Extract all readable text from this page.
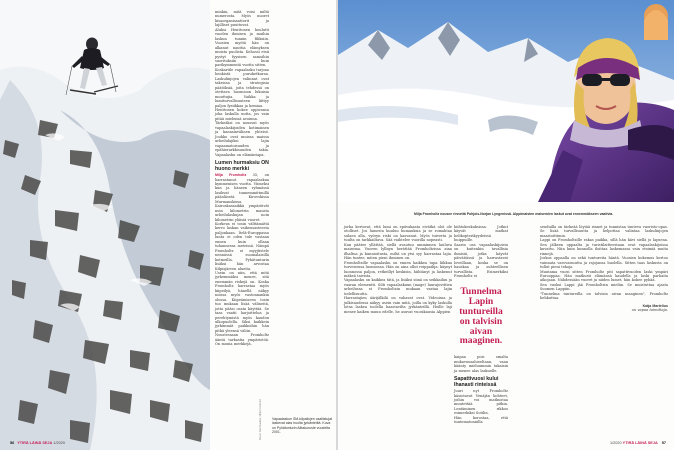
Vapaalaskun SM-kilpailujen osallistujat laskevat alas huolta jyrkänteiltä. Kuva on Pyhätunturin Aittakuruste vuodelta 2001.
Kuvat: Kari Kuukka, Milja Fromholtz

minkin, mitä voisi miltä numerosta. Myös nuoret kisaorganisaattorit ja lajilliset puuttuvat.

Aluksi Henttonen koulutti vuoden ihmisen ja muihin laskun tunnin filiksiin. Vuosien myötä hän on alkanut nauttia elämyksen muista puolista. Kehossi etsii pystyt fyysisen samoihin suorituksiin kuin parikymmentä vuotta sitten.

Koskartile vapaalasku tarjoaa henkistä puruketkuraa. Laskulinjojen valinnat ovat takeissa ja strategisia päätöksiä, joita tehdessä on otettava huomioon lukuisia muuttujia. Vaikka ja lumiturvallisuuteen liittyy paljon fysiikkaa ja kemiaa.

Henttonen kokee oppivansa joka laskulla uutta, jos vain pitää mielensä avoinna.

Tärkeäksi on noussut myös vapaalaskijoiden kotimainen ja kansainvälinen yhteisö. Joukko ovat muissa maissa urheilulajiksi lajin vapaamatoisuuden ja epähierarkkisuuden takia. Vapaalasku on elämäntapa.

Lumen hurmaksiu ON huono merkki

Milja Fromholtz 35, on harrastanut vapaalaskua kymmenisen vuotta. Viimeksi kun ja häneen ryhmässä lasikvat tunnemmittmillä päänläsetä Kirovskissa Murmanskissa. Kairoskassaikkä ympäröivät noin kilometrin mausta urheilulaskujan noin kilometrin yläisiä vuoret.

Korkeus ei tosin välttämättä kerro laskun vaikeusasteesta paljonkaan. Itelä-Europpassa lunta ei oden tule vastaan ennen kuin ollaan tuhannessa metrissä. Nämpä Fromholtz ei myyjtistele nennässä suomalaisillä kotmeilla. Pyhätunturin lisäksi hän arvostaa Kilpisjärven alueita.

Usein on niin, että mitä jyrkemmäksi menee, sitä enemmän riskejä on. Koska Fromholtz harrastaa myös kiipeilyä, hänellä näkyy noissa myös vastonnankin olossa. Kiipeämiseen tosin tuo mukaan lisää välineitä, jotta pääsi osata käyttää. Se taas vaatii harjoittelua ja perehtymistä myös kaudon ulkopuolella. Siksi kaikkein jyrkimmät paikkoihin hän pitkä yleensä väliin.

Noustessaan Fromholtz ääntä tarkastia ympäristöä. On monia merkkejä,

56 YTIRÄ LÄINÄ SEJA 1/2020
Milja Fromholtz nousee rinnettä Pohjois-Norjan Lyngenissä. Alppimaisten maisemien laskut ovat ennemmäkseen vaativia.

jorka kertovat, että lumi on epävakaata eivätkä olot ole otolliset. Jos lumesta kuuluu humauksia ja se romahtaa sulaen alla, vyöryn riski on kasvanut. Myös tuiverta ja tuulta on tarkkailtava. Sää vaihtelee vuorilla nopeasti.

Kun päätee yllättää, siellä avautuu umminnen lauluva maisema. Vuoren lyllnyn herättää Fromholtzissa aina ilhaltua ja kunnioitusta, miltä on ytsi syy harrastaa lajia. Hän tuntee, miten pieni ihminen on.

Fromholtzille vapaalasku on ennen kaikkea tapa liikkua turveisessa luonnossa. Hän on aina ollut reippailija: käynyt luonnossa paljon, retkeillyt keskisin, hiihtänyt ja laskenut mäkeä taivista.

Vapaalasku on kaikkea tätä, ja lisäksi siinä on seikkailun ja vaaran elementti. Silti vapaalaskuun (mage) luurajuvittien urheilussa ei Fromholtzin mukaan vastaa lajin todellisuutta.

Harrastajien äärijälkilä on vahavat ovat. Videoissa ja julkisuudessa näkyy usein vain mitä, joilla on kyky laskulla lotsa laskea toolella haastavilta jyrkänteillä. Heille laji menee kaiken muun edelle, he asuvat vuosikausia Alppien

hiihtokeskuksissa. Jotkut käyvät matkat helikopterikyydeissä huippuille.

Saarin osa vapaalaskijoista on kuitenkin tavallisia ihmisiä, jotka käyvät päivätöissä ja harrastavat loveillaan, koska se on hauskaa ja suhteellisen turvallista. Esimerkiksi Fromholtz ei

Tunnelma Lapin tuntureilla on talvisin aivan maaginen.

kaipaa pois omalta mukavuusalueeltaan, vaan käänty mieluummin takaisin ja menee alas laskuelle.

Sapattivuosi kului Ihanasti rinteissä

Juuri nyt Fromholtz käsiotavat Venäjän kohteet, joihin voi matkustaa muutettää pitkin. Lentäminen rikkoo esimerkiksi Sotilin.

Hän korostaa, että tuntematonnilla

seuduilla on tärkeää löytää rinnet ja tunnistaa tunteva vuoristo-opas. Se lisää turvallisuutta ja helpottaa valintaa laskulinjojen maastoittimin.

Lappi on Fromholtzille rakas paikka, sillä hän kävi siellä jo lapsena. Sen jälkeen oppaalta ja turistilaitteestaan ovat vapaalaskijoissa kuvattu. Niin kuin kunnolla iloittaa laskemassa vain etsimiä muita rinnejä.

Joskus oppaalla on sekä tuntureita häntä. Vuosien kokemus kertoo vainnata varovaisuutta ja rajojansa huolella. Sitten taas laskusta on tullut pieni tekoja.

Muutama vuosi sitten Fromholtz piti sapattivuoden laski ympäri Eurooppaa. Hän matkusti elämänsä kaudella ja laski parhaita aikojaan. Nähdessään vuoret ja niiden lumet, hän kokee pyhää.

Sen vuoksi Lappi jää Fromholtzin mieliin. Se muistuttaa ajasta Suomen Lappiin.

"Tunnelma tuntureilla on talvisin aivan maaginen", Fromholtz hehkuttaa.

Katja Martelius

on vapaa toimittaja.

1/2020 YTIRÄ LÄINÄ SEJA 57
